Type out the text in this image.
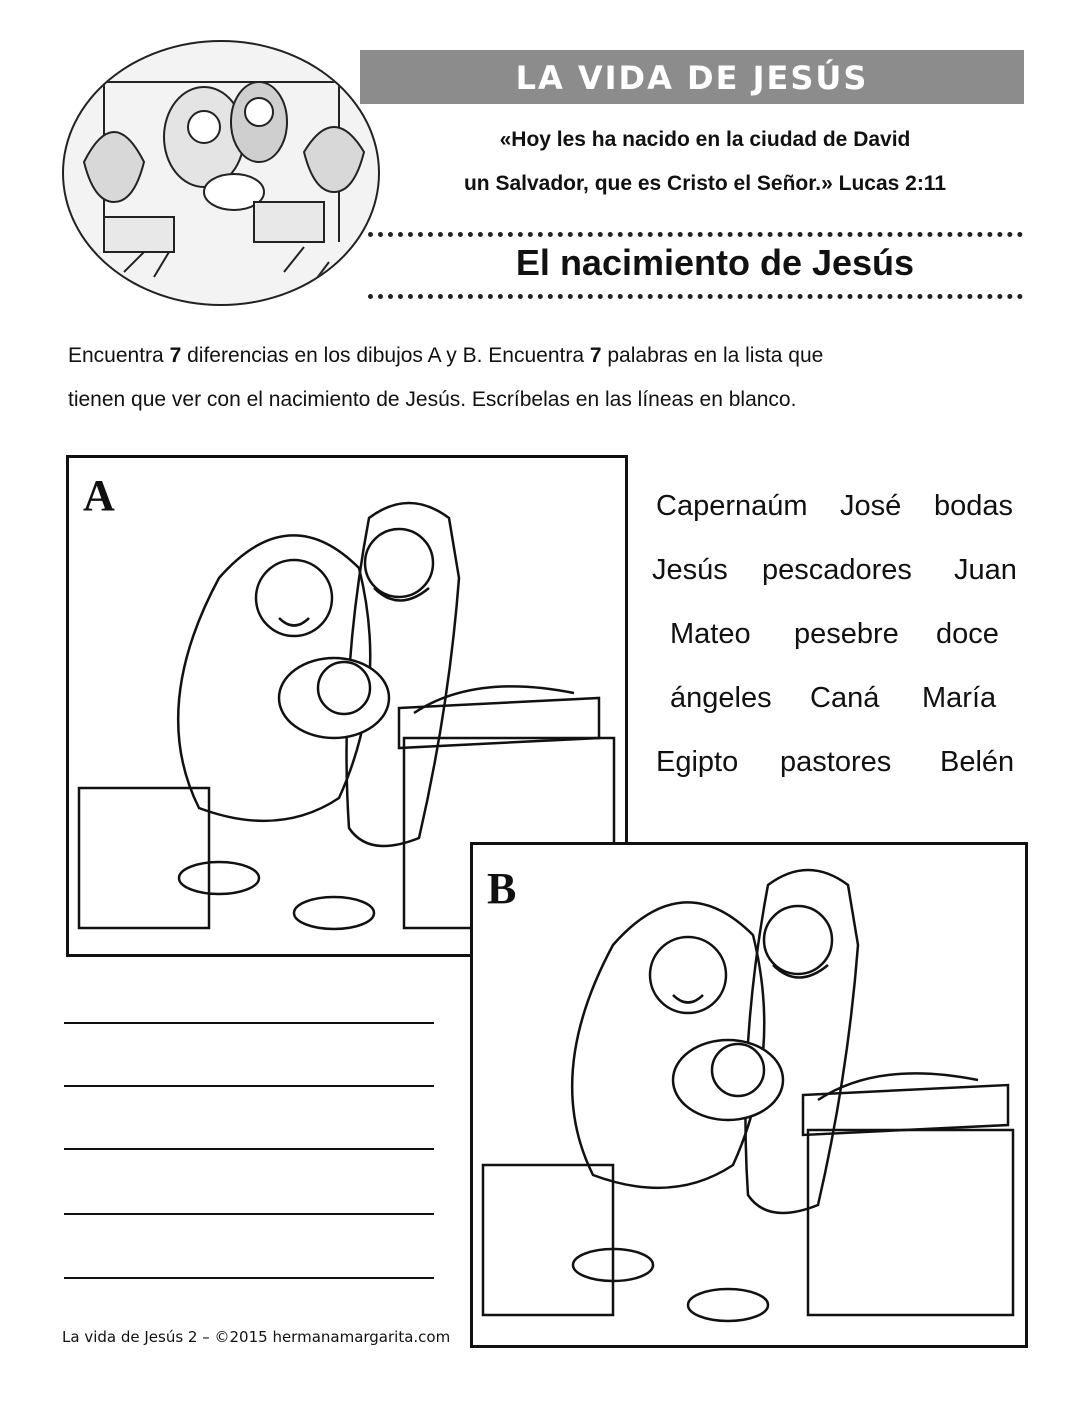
LA VIDA DE JESÚS
«Hoy les ha nacido en la ciudad de David
un Salvador, que es Cristo el Señor.» Lucas 2:11
El nacimiento de Jesús
Encuentra 7 diferencias en los dibujos A y B. Encuentra 7 palabras en la lista que
tienen que ver con el nacimiento de Jesús. Escríbelas en las líneas en blanco.
A	Capernaúm José bodas
Jesús pescadores Juan
Mateo pesebre doce
ángeles Caná María
Egipto pastores Belén
B
La vida de Jesús 2 – ©2015 hermanamargarita.com
